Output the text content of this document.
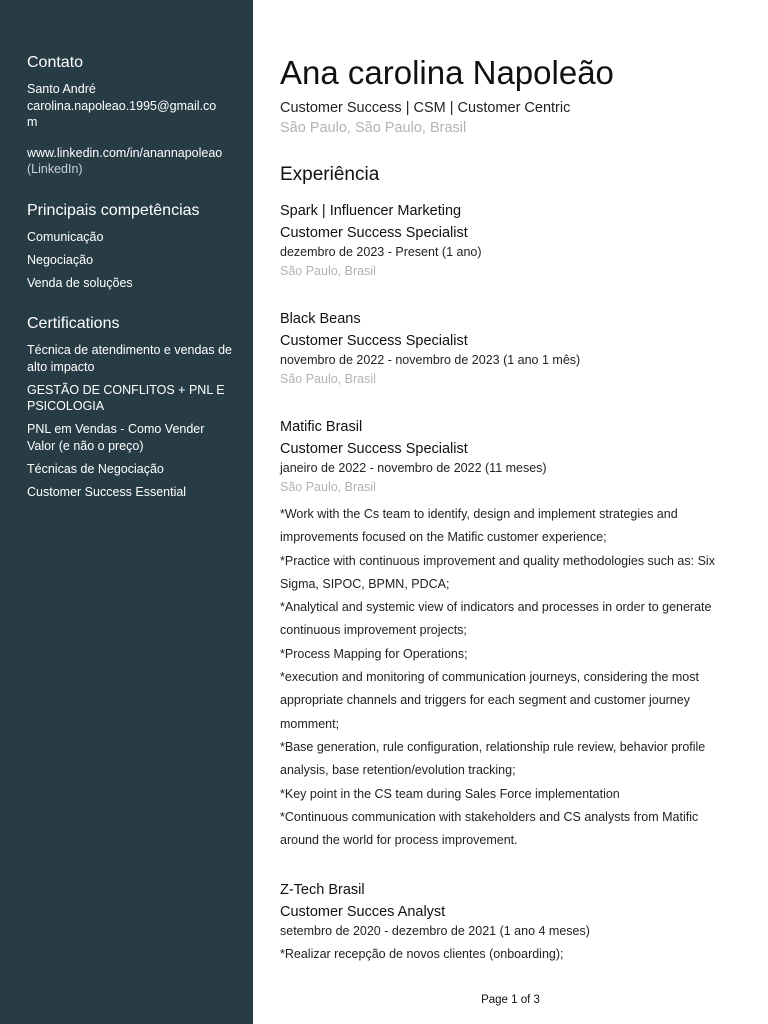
Contato
Santo André
carolina.napoleao.1995@gmail.com
www.linkedin.com/in/anannapoleao
(LinkedIn)
Principais competências
Comunicação
Negociação
Venda de soluções
Certifications
Técnica de atendimento e vendas de alto impacto
GESTÃO DE CONFLITOS + PNL E PSICOLOGIA
PNL em Vendas - Como Vender Valor (e não o preço)
Técnicas de Negociação
Customer Success Essential
Ana carolina Napoleão
Customer Success | CSM | Customer Centric
São Paulo, São Paulo, Brasil
Experiência
Spark | Influencer Marketing
Customer Success Specialist
dezembro de 2023 - Present (1 ano)
São Paulo, Brasil
Black Beans
Customer Success Specialist
novembro de 2022 - novembro de 2023 (1 ano 1 mês)
São Paulo, Brasil
Matific Brasil
Customer Success Specialist
janeiro de 2022 - novembro de 2022 (11 meses)
São Paulo, Brasil
*Work with the Cs team to identify, design and implement strategies and
improvements focused on the Matific customer experience;
*Practice with continuous improvement and quality methodologies such as: Six
Sigma, SIPOC, BPMN, PDCA;
*Analytical and systemic view of indicators and processes in order to generate
continuous improvement projects;
*Process Mapping for Operations;
*execution and monitoring of communication journeys, considering the most
appropriate channels and triggers for each segment and customer journey
momment;
*Base generation, rule configuration, relationship rule review, behavior profile
analysis, base retention/evolution tracking;
*Key point in the CS team during Sales Force implementation
*Continuous communication with stakeholders and CS analysts from Matific
around the world for process improvement.
Z-Tech Brasil
Customer Succes Analyst
setembro de 2020 - dezembro de 2021 (1 ano 4 meses)
*Realizar recepção de novos clientes (onboarding);
Page 1 of 3
